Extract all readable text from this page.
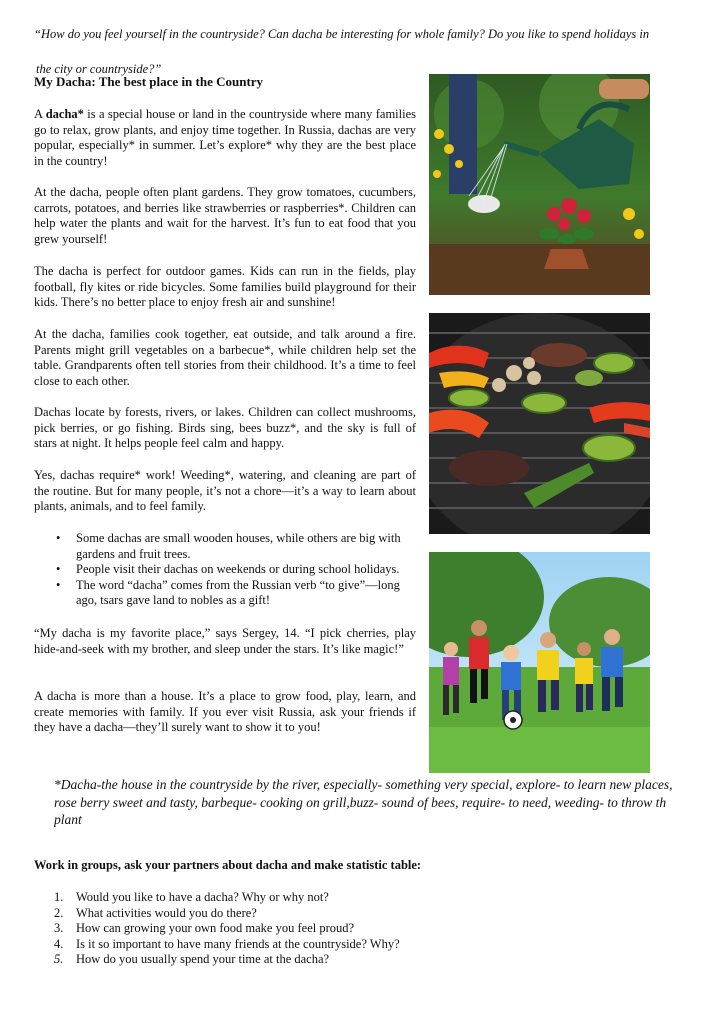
“How do you feel yourself in the countryside? Can dacha be interesting for whole family? Do you like to spend holidays in
the city or countryside?”
My Dacha: The best place in the Country

A dacha* is a special house or land in the countryside where many families go to relax, grow plants, and enjoy time together. In Russia, dachas are very popular, especially* in summer. Let’s explore* why they are the best place in the country!

At the dacha, people often plant gardens. They grow tomatoes, cucumbers, carrots, potatoes, and berries like strawberries or raspberries*. Children can help water the plants and wait for the harvest. It’s fun to eat food that you grew yourself!

The dacha is perfect for outdoor games. Kids can run in the fields, play football, fly kites or ride bicycles. Some families build playground for their kids. There’s no better place to enjoy fresh air and sunshine!

At the dacha, families cook together, eat outside, and talk around a fire. Parents might grill vegetables on a barbecue*, while children help set the table. Grandparents often tell stories from their childhood. It’s a time to feel close to each other.

Dachas locate by forests, rivers, or lakes. Children can collect mushrooms, pick berries, or go fishing. Birds sing, bees buzz*, and the sky is full of stars at night. It helps people feel calm and happy.

Yes, dachas require* work! Weeding*, watering, and cleaning are part of the routine. But for many people, it’s not a chore—it’s a way to learn about plants, animals, and to feel family.

• Some dachas are small wooden houses, while others are big with gardens and fruit trees.
• People visit their dachas on weekends or during school holidays.
• The word “dacha” comes from the Russian verb “to give”—long ago, tsars gave land to nobles as a gift!

“My dacha is my favorite place,” says Sergey, 14. “I pick cherries, play hide-and-seek with my brother, and sleep under the stars. It’s like magic!”

A dacha is more than a house. It’s a place to grow food, play, learn, and create memories with family. If you ever visit Russia, ask your friends if they have a dacha—they’ll surely want to show it to you!

*Dacha-the house in the countryside by the river, especially- something very special, explore- to learn new places,
rose berry sweet and tasty, barbeque- cooking on grill,buzz- sound of bees, require- to need, weeding- to throw th
plant
Work in groups, ask your partners about dacha and make statistic table:
1. Would you like to have a dacha? Why or why not?
2. What activities would you do there?
3. How can growing your own food make you feel proud?
4. Is it so important to have many friends at the countryside? Why?
5. How do you usually spend your time at the dacha?
